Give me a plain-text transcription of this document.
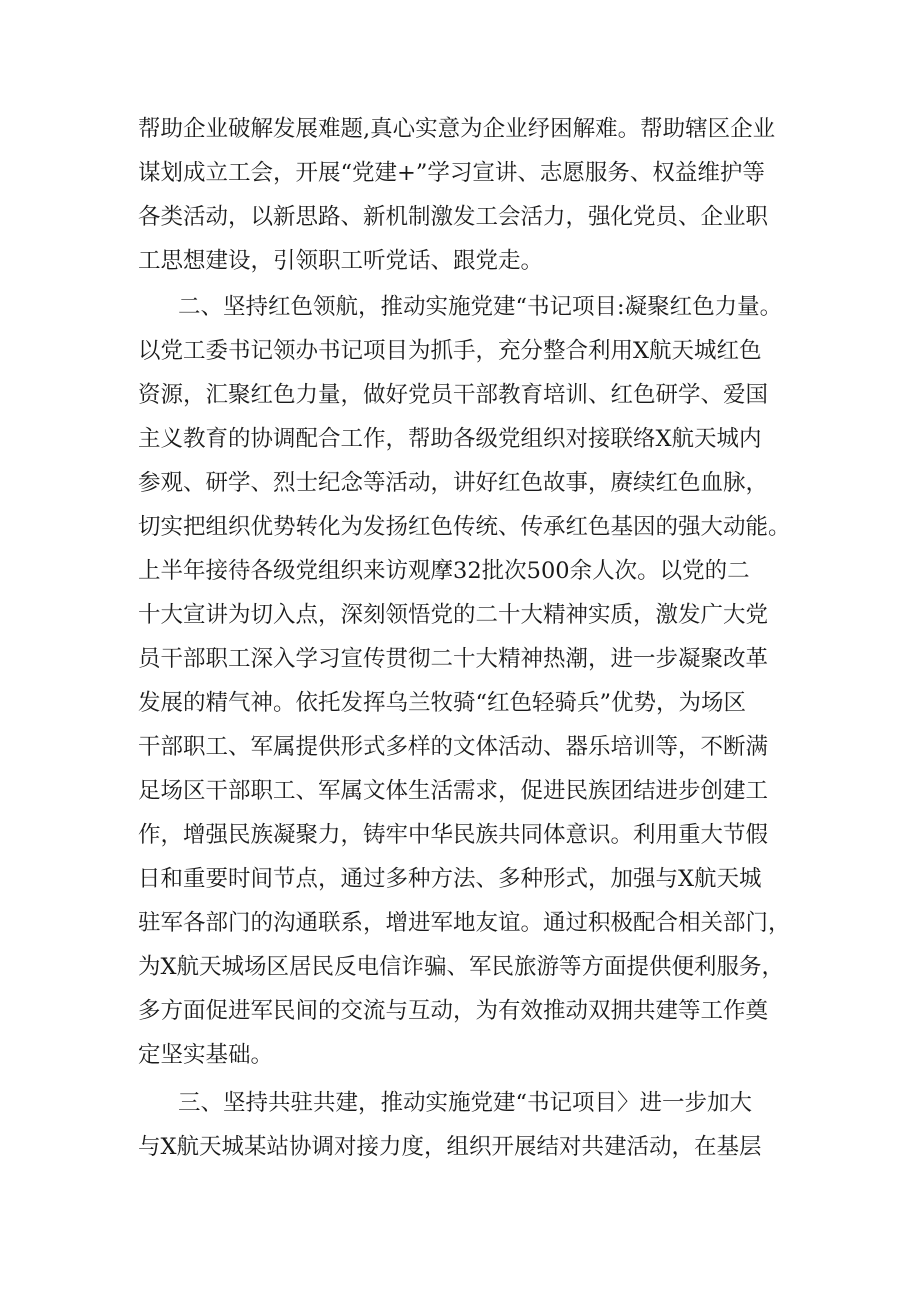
帮助企业破解发展难题,真心实意为企业纾困解难。帮助辖区企业
谋划成立工会，开展“党建+”学习宣讲、志愿服务、权益维护等
各类活动，以新思路、新机制激发工会活力，强化党员、企业职
工思想建设，引领职工听党话、跟党走。
二、坚持红色领航，推动实施党建“书记项目:凝聚红色力量。
以党工委书记领办书记项目为抓手，充分整合利用X航天城红色
资源，汇聚红色力量，做好党员干部教育培训、红色研学、爱国
主义教育的协调配合工作，帮助各级党组织对接联络X航天城内
参观、研学、烈士纪念等活动，讲好红色故事，赓续红色血脉，
切实把组织优势转化为发扬红色传统、传承红色基因的强大动能。
上半年接待各级党组织来访观摩32批次500余人次。以党的二
十大宣讲为切入点，深刻领悟党的二十大精神实质，激发广大党
员干部职工深入学习宣传贯彻二十大精神热潮，进一步凝聚改革
发展的精气神。依托发挥乌兰牧骑“红色轻骑兵”优势，为场区
干部职工、军属提供形式多样的文体活动、器乐培训等，不断满
足场区干部职工、军属文体生活需求，促进民族团结进步创建工
作，增强民族凝聚力，铸牢中华民族共同体意识。利用重大节假
日和重要时间节点，通过多种方法、多种形式，加强与X航天城
驻军各部门的沟通联系，增进军地友谊。通过积极配合相关部门，
为X航天城场区居民反电信诈骗、军民旅游等方面提供便利服务，
多方面促进军民间的交流与互动，为有效推动双拥共建等工作奠
定坚实基础。
三、坚持共驻共建，推动实施党建“书记项目〉进一步加大
与X航天城某站协调对接力度，组织开展结对共建活动，在基层
